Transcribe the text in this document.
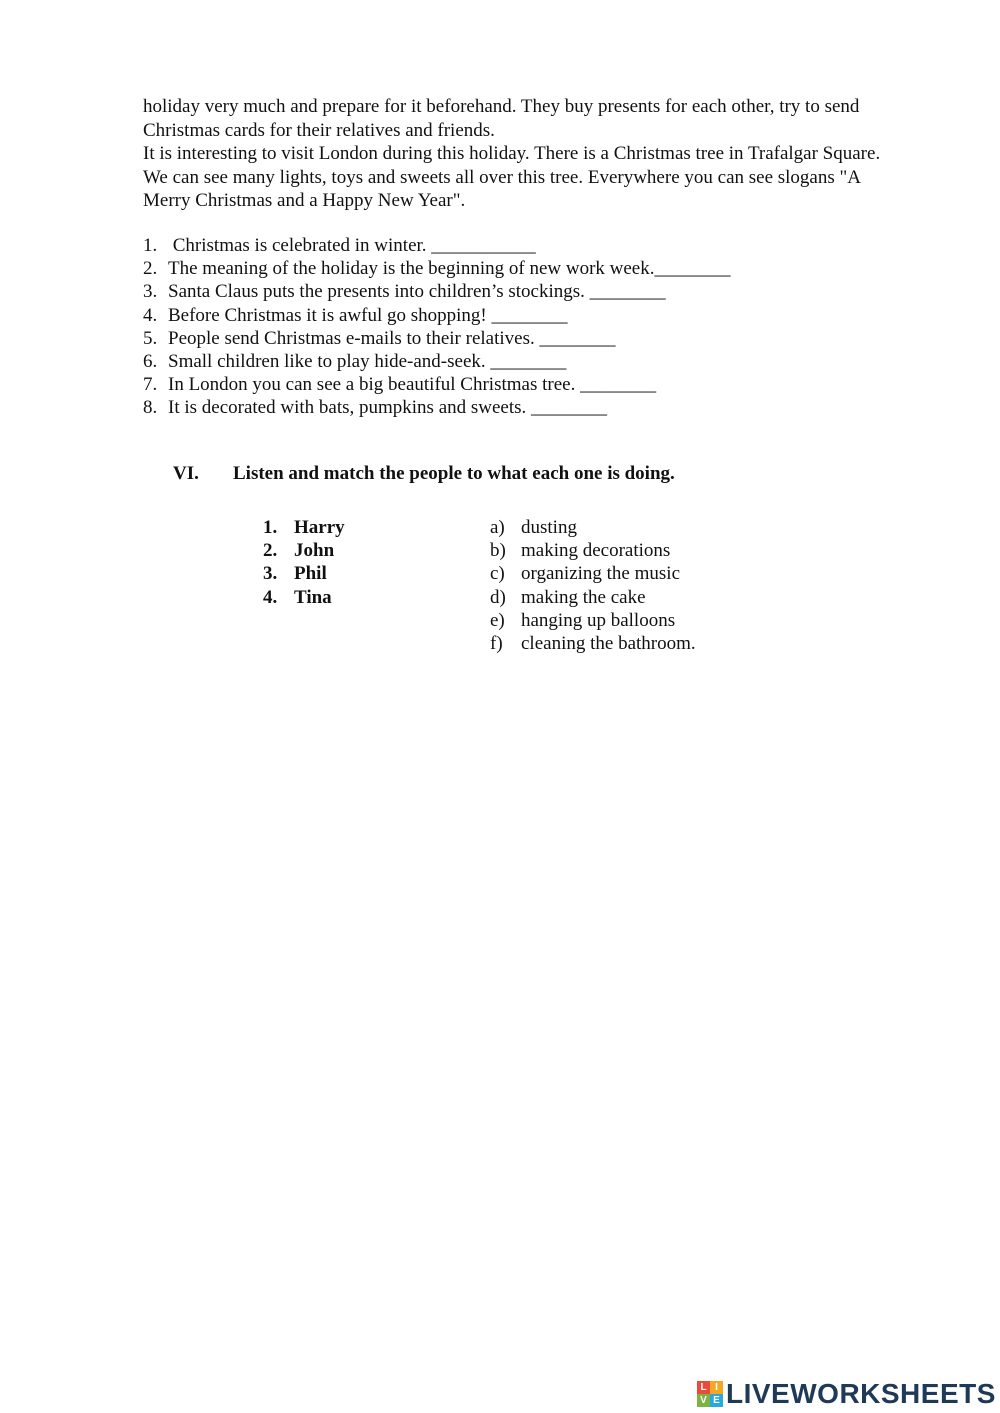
holiday very much and prepare for it beforehand. They buy presents for each other, try to send

Christmas cards for their relatives and friends.

It is interesting to visit London during this holiday. There is a Christmas tree in Trafalgar Square.

We can see many lights, toys and sweets all over this tree. Everywhere you can see slogans "A

Merry Christmas and a Happy New Year".

1. Christmas is celebrated in winter. ___________
2. The meaning of the holiday is the beginning of new work week.________
3. Santa Claus puts the presents into children’s stockings. ________
4. Before Christmas it is awful go shopping! ________
5. People send Christmas e-mails to their relatives. ________
6. Small children like to play hide-and-seek. ________
7. In London you can see a big beautiful Christmas tree. ________
8. It is decorated with bats, pumpkins and sweets. ________
VI. Listen and match the people to what each one is doing.
1. Harry
2. John
3. Phil
4. Tina
a) dusting
b) making decorations
c) organizing the music
d) making the cake
e) hanging up balloons
f) cleaning the bathroom.
L I
V E LIVEWORKSHEETS
